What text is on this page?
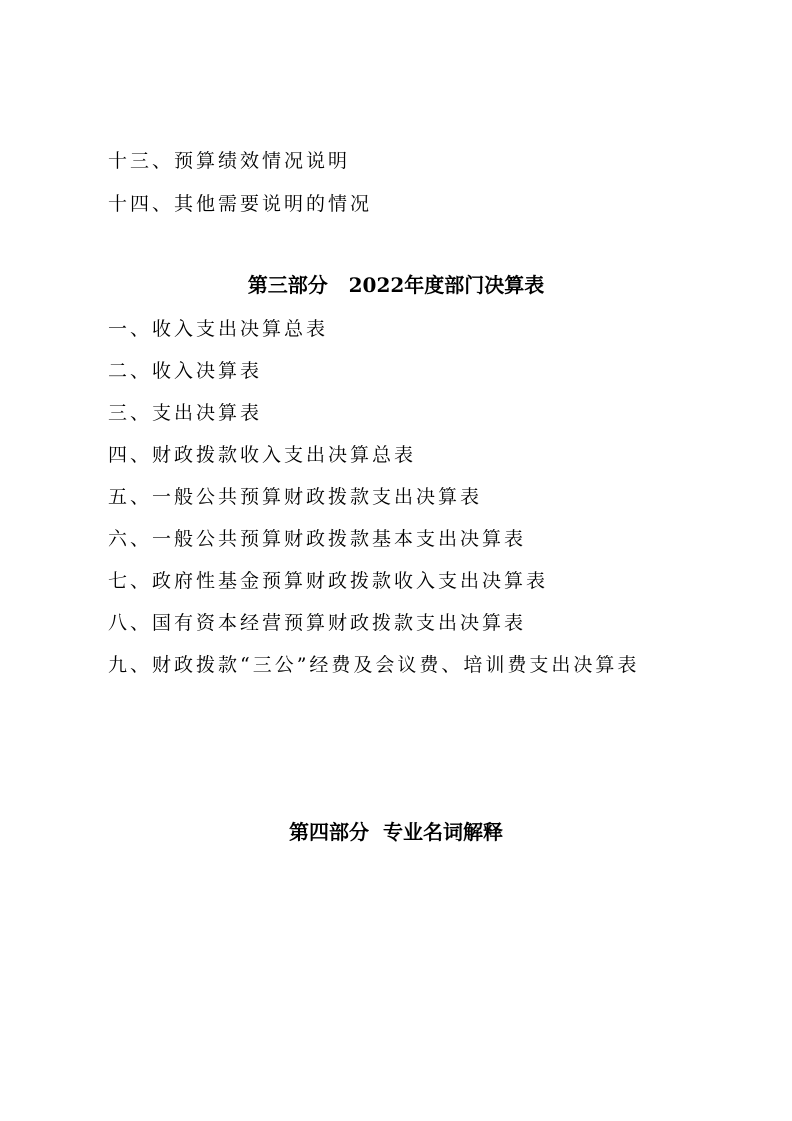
十三、预算绩效情况说明
十四、其他需要说明的情况
第三部分   2022年度部门决算表
一、收入支出决算总表
二、收入决算表
三、支出决算表
四、财政拨款收入支出决算总表
五、一般公共预算财政拨款支出决算表
六、一般公共预算财政拨款基本支出决算表
七、政府性基金预算财政拨款收入支出决算表
八、国有资本经营预算财政拨款支出决算表
九、财政拨款“三公”经费及会议费、培训费支出决算表
第四部分  专业名词解释
